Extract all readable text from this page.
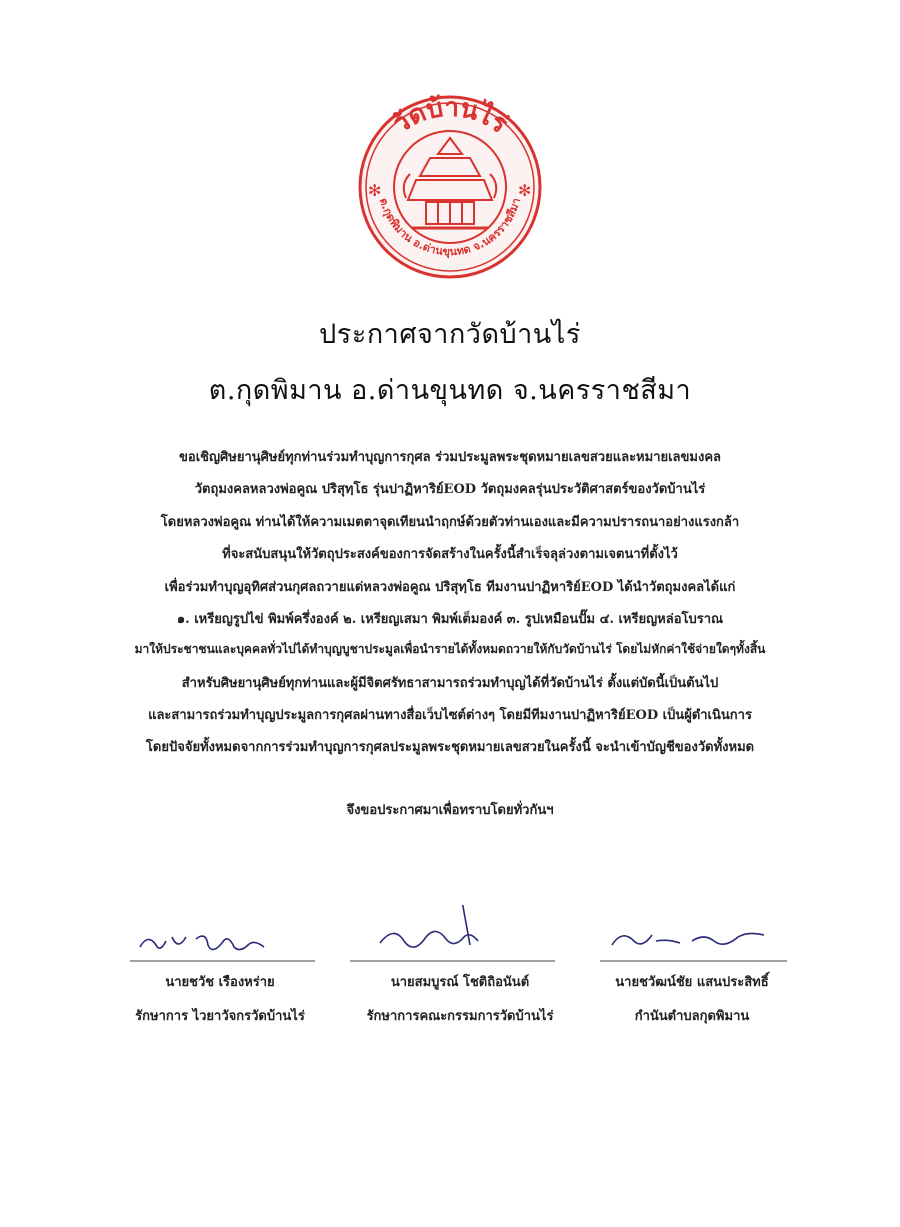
วัดบ้านไร่
ต.กุดพิมาน อ.ด่านขุนทด จ.นครราชสีมา
✻	✻
ประกาศจากวัดบ้านไร่
ต.กุดพิมาน อ.ด่านขุนทด จ.นครราชสีมา
ขอเชิญศิษยานุศิษย์ทุกท่านร่วมทำบุญการกุศล ร่วมประมูลพระชุดหมายเลขสวยและหมายเลขมงคล
วัตถุมงคลหลวงพ่อคูณ ปริสุทฺโธ รุ่นปาฏิหาริย์EOD วัตถุมงคลรุ่นประวัติศาสตร์ของวัดบ้านไร่
โดยหลวงพ่อคูณ ท่านได้ให้ความเมตตาจุดเทียนนำฤกษ์ด้วยตัวท่านเองและมีความปรารถนาอย่างแรงกล้า
ที่จะสนับสนุนให้วัตถุประสงค์ของการจัดสร้างในครั้งนี้สำเร็จลุล่วงตามเจตนาที่ตั้งไว้
เพื่อร่วมทำบุญอุทิศส่วนกุศลถวายแด่หลวงพ่อคูณ ปริสุทฺโธ ทีมงานปาฏิหาริย์EOD ได้นำวัตถุมงคลได้แก่
๑. เหรียญรูปไข่ พิมพ์ครึ่งองค์ ๒. เหรียญเสมา พิมพ์เต็มองค์ ๓. รูปเหมือนปั๊ม ๔. เหรียญหล่อโบราณ
มาให้ประชาชนและบุคคลทั่วไปได้ทำบุญบูชาประมูลเพื่อนำรายได้ทั้งหมดถวายให้กับวัดบ้านไร่ โดยไม่หักค่าใช้จ่ายใดๆทั้งสิ้น
สำหรับศิษยานุศิษย์ทุกท่านและผู้มีจิตศรัทธาสามารถร่วมทำบุญได้ที่วัดบ้านไร่ ตั้งแต่บัดนี้เป็นต้นไป
และสามารถร่วมทำบุญประมูลการกุศลผ่านทางสื่อเว็บไซต์ต่างๆ โดยมีทีมงานปาฏิหาริย์EOD เป็นผู้ดำเนินการ
โดยปัจจัยทั้งหมดจากการร่วมทำบุญการกุศลประมูลพระชุดหมายเลขสวยในครั้งนี้ จะนำเข้าบัญชีของวัดทั้งหมด
จึงขอประกาศมาเพื่อทราบโดยทั่วกันฯ
นายชวัช เรืองหร่าย
รักษาการ ไวยาวัจกรวัดบ้านไร่
นายสมบูรณ์ โชติถิอนันต์
รักษาการคณะกรรมการวัดบ้านไร่
นายชวัฒน์ชัย แสนประสิทธิ์
กำนันตำบลกุดพิมาน
